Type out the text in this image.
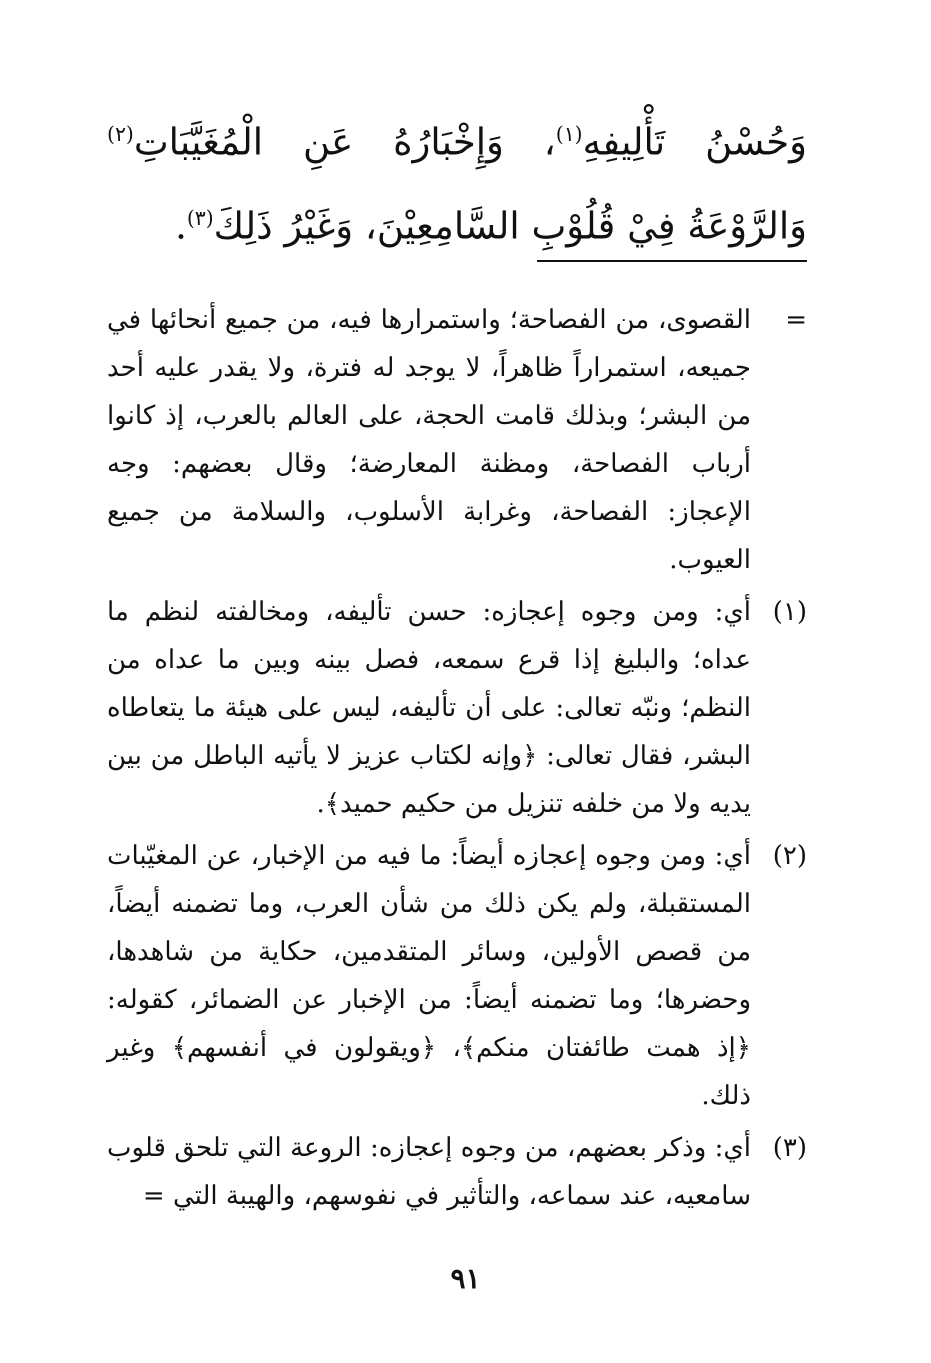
وَحُسْنُ تَأْلِيفِهِ$^{(١)}$، وَإِخْبَارُهُ عَنِ الْمُغَيَّبَاتِ$^{(٢)}$ وَالرَّوْعَةُ فِيْ قُلُوْبِ السَّامِعِيْنَ، وَغَيْرُ ذَلِكَ$^{(٣)}$.

=
القصوى، من الفصاحة؛ واستمرارها فيه، من جميع أنحائها في جميعه، استمراراً ظاهراً، لا يوجد له فترة، ولا يقدر عليه أحد من البشر؛ وبذلك قامت الحجة، على العالم بالعرب، إذ كانوا أرباب الفصاحة، ومظنة المعارضة؛ وقال بعضهم: وجه الإعجاز: الفصاحة، وغرابة الأسلوب، والسلامة من جميع العيوب.
(١)
أي: ومن وجوه إعجازه: حسن تأليفه، ومخالفته لنظم ما عداه؛ والبليغ إذا قرع سمعه، فصل بينه وبين ما عداه من النظم؛ ونبّه تعالى: على أن تأليفه، ليس على هيئة ما يتعاطاه البشر، فقال تعالى: ﴿وإنه لكتاب عزيز لا يأتيه الباطل من بين يديه ولا من خلفه تنزيل من حكيم حميد﴾.
(٢)
أي: ومن وجوه إعجازه أيضاً: ما فيه من الإخبار، عن المغيّبات المستقبلة، ولم يكن ذلك من شأن العرب، وما تضمنه أيضاً، من قصص الأولين، وسائر المتقدمين، حكاية من شاهدها، وحضرها؛ وما تضمنه أيضاً: من الإخبار عن الضمائر، كقوله: ﴿إذ همت طائفتان منكم﴾، ﴿ويقولون في أنفسهم﴾ وغير ذلك.
(٣)
أي: وذكر بعضهم، من وجوه إعجازه: الروعة التي تلحق قلوب سامعيه، عند سماعه، والتأثير في نفوسهم، والهيبة التي =
٩١
